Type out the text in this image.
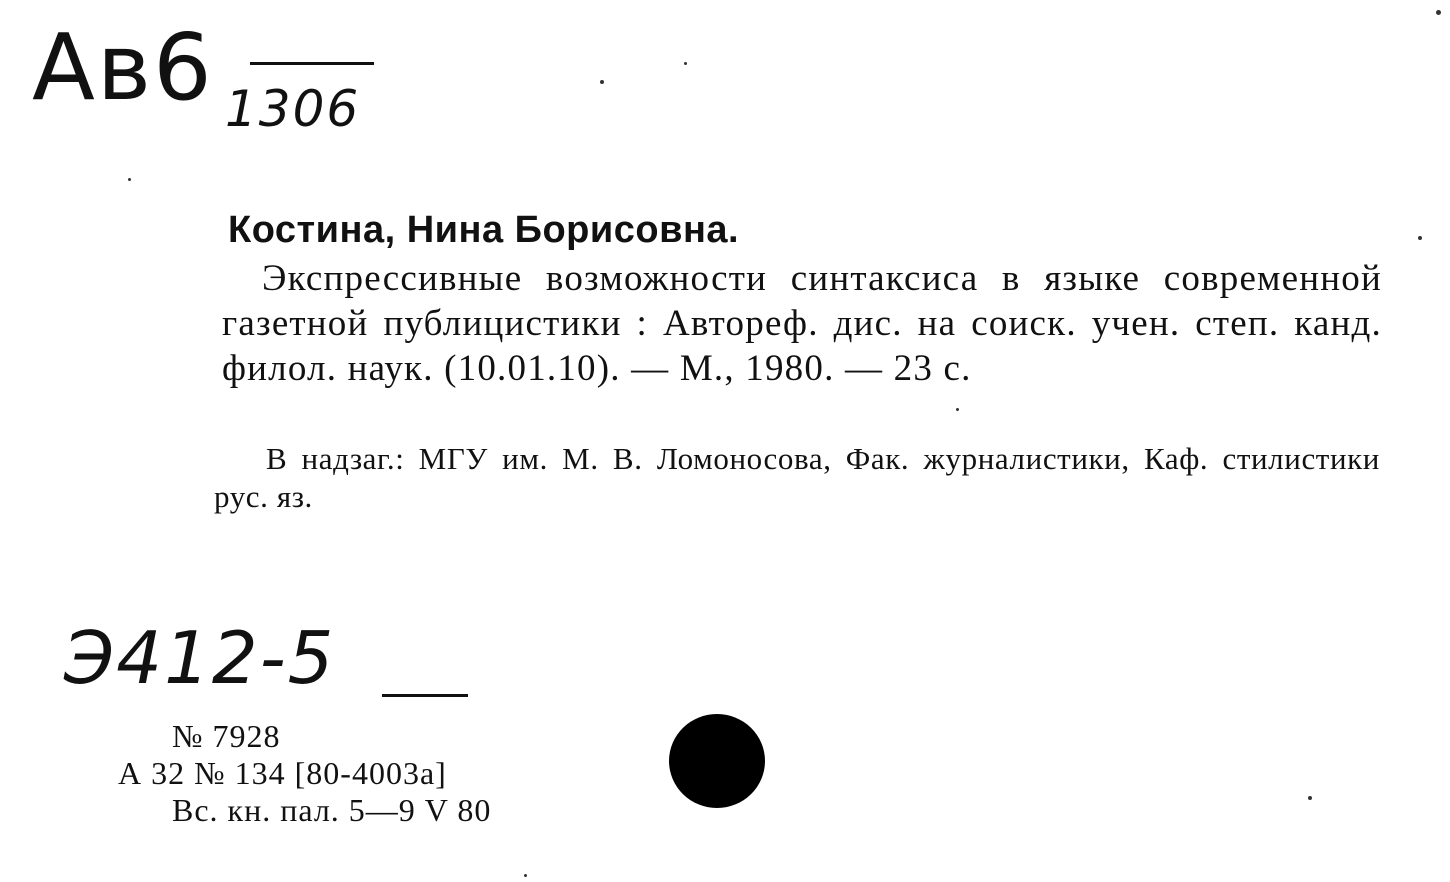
Ав6 1306
Костина, Нина Борисовна.
Экспрессивные возможности синтаксиса в языке современной газетной публицистики : Автореф. дис. на соиск. учен. степ. канд. филол. наук. (10.01.10). — М., 1980. — 23 с.
В надзаг.: МГУ им. М. В. Ломоносова, Фак. журналистики, Каф. стилистики рус. яз.
Э412-5
№ 7928
А 32 № 134 [80-4003а]
Вс. кн. пал. 5—9 V 80
